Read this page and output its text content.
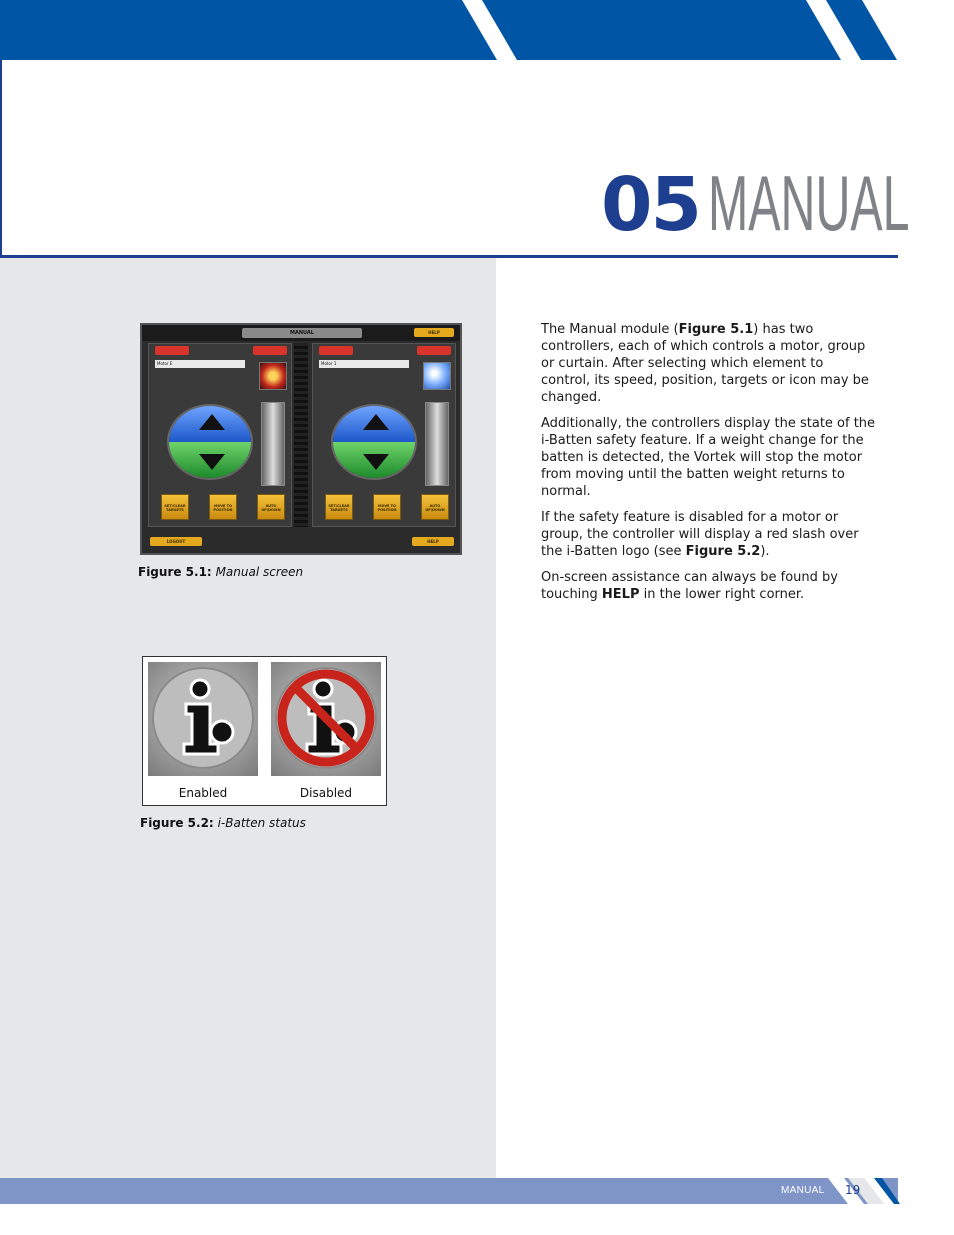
05 MANUAL
MANUAL	HELP
Motor E
SET/CLEAR TARGETS
MOVE TO POSITION
AUTO UP/DOWN
Motor 1
SET/CLEAR TARGETS
MOVE TO POSITION
AUTO UP/DOWN
LOGOUT	HELP
Figure 5.1: Manual screen
Enabled	Disabled
Figure 5.2: i-Batten status

The Manual module (Figure 5.1) has two controllers, each of which controls a motor, group or curtain. After selecting which element to control, its speed, position, targets or icon may be changed.

Additionally, the controllers display the state of the i-Batten safety feature. If a weight change for the batten is detected, the Vortek will stop the motor from moving until the batten weight returns to normal.

If the safety feature is disabled for a motor or group, the controller will display a red slash over the i-Batten logo (see Figure 5.2).

On-screen assistance can always be found by touching HELP in the lower right corner.

MANUAL 19
